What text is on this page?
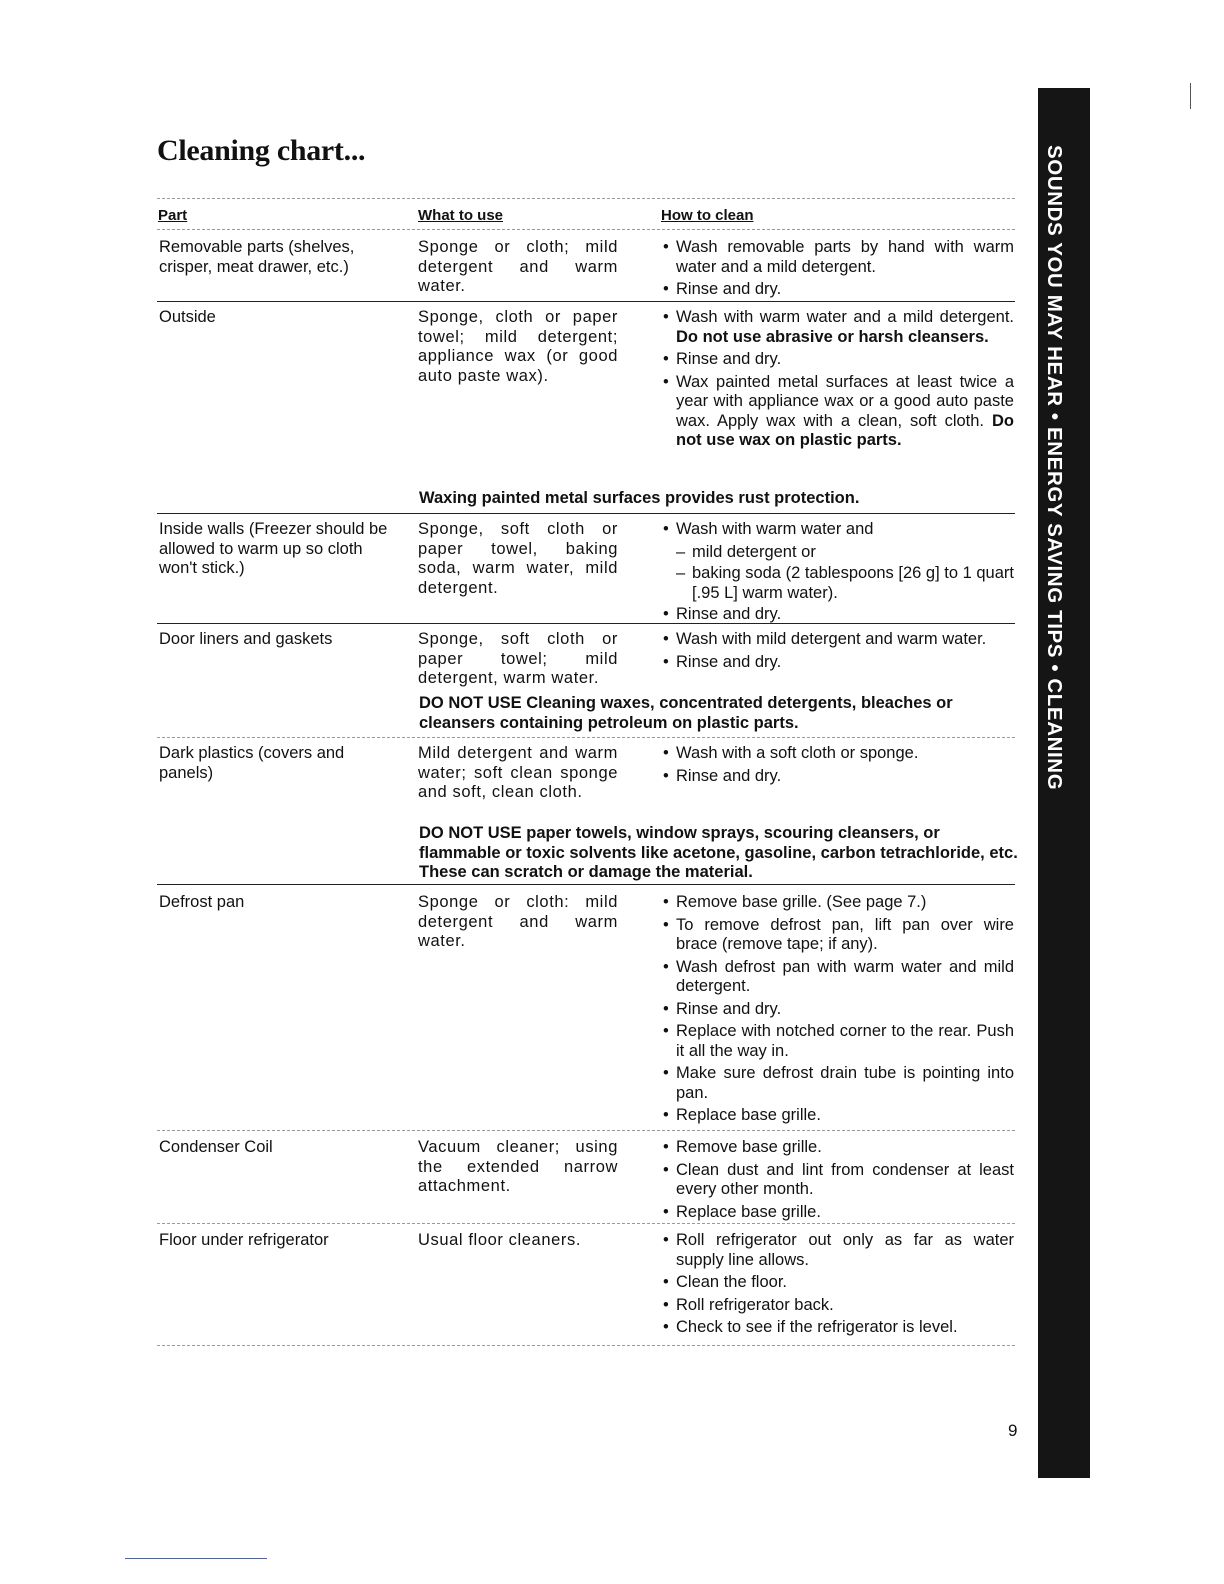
Cleaning chart...	SOUNDS YOU MAY HEAR • ENERGY SAVING TIPS • CLEANING
Part	What to use	How to clean
Removable parts (shelves, crisper, meat drawer, etc.)
Sponge or cloth; mild detergent and warm water.
• Wash removable parts by hand with warm water and a mild detergent.
• Rinse and dry.
Outside	Sponge, cloth or paper towel; mild detergent; appliance wax (or good auto paste wax).
• Wash with warm water and a mild detergent. Do not use abrasive or harsh cleansers.
• Rinse and dry.
• Wax painted metal surfaces at least twice a year with appliance wax or a good auto paste wax. Apply wax with a clean, soft cloth. Do not use wax on plastic parts.
Waxing painted metal surfaces provides rust protection.
Inside walls (Freezer should be allowed to warm up so cloth won't stick.)
Sponge, soft cloth or paper towel, baking soda, warm water, mild detergent.
• Wash with warm water and
– mild detergent or
– baking soda (2 tablespoons [26 g] to 1 quart [.95 L] warm water).
• Rinse and dry.
Door liners and gaskets	Sponge, soft cloth or paper towel; mild detergent, warm water.
• Wash with mild detergent and warm water.
• Rinse and dry.
DO NOT USE Cleaning waxes, concentrated detergents, bleaches or cleansers containing petroleum on plastic parts.
Dark plastics (covers and panels)
Mild detergent and warm water; soft clean sponge and soft, clean cloth.
• Wash with a soft cloth or sponge.
• Rinse and dry.
DO NOT USE paper towels, window sprays, scouring cleansers, or flammable or toxic solvents like acetone, gasoline, carbon tetrachloride, etc. These can scratch or damage the material.
Defrost pan	Sponge or cloth: mild detergent and warm water.
• Remove base grille. (See page 7.)
• To remove defrost pan, lift pan over wire brace (remove tape; if any).
• Wash defrost pan with warm water and mild detergent.
• Rinse and dry.
• Replace with notched corner to the rear. Push it all the way in.
• Make sure defrost drain tube is pointing into pan.
• Replace base grille.
Condenser Coil	Vacuum cleaner; using the extended narrow attachment.
• Remove base grille.
• Clean dust and lint from condenser at least every other month.
• Replace base grille.
Floor under refrigerator	Usual floor cleaners.
•	Roll refrigerator out only as far as water supply line allows.
• Clean the floor.
• Roll refrigerator back.
• Check to see if the refrigerator is level.
9
